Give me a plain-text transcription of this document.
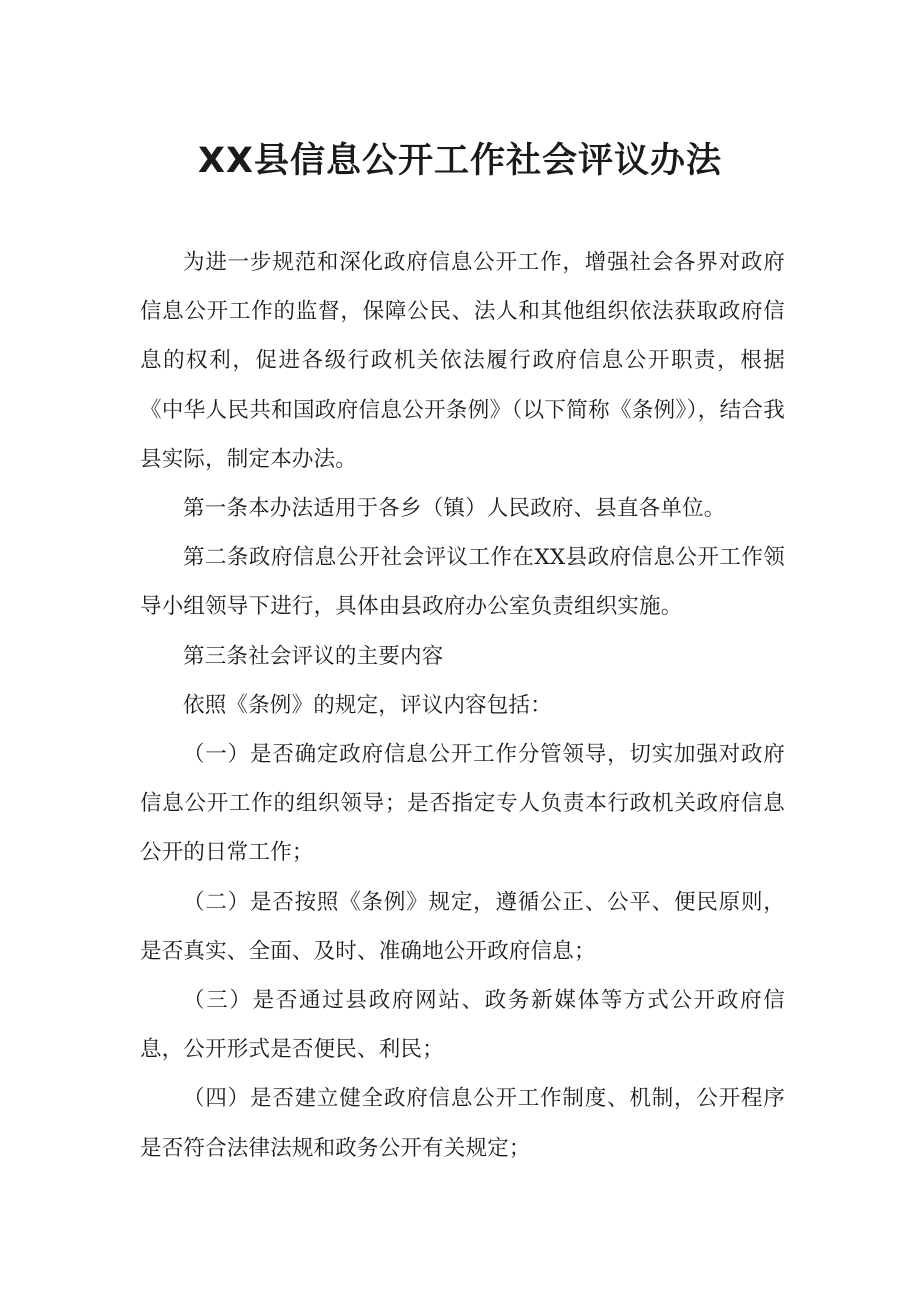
XX县信息公开工作社会评议办法

为进一步规范和深化政府信息公开工作，增强社会各界对政府信息公开工作的监督，保障公民、法人和其他组织依法获取政府信息的权利，促进各级行政机关依法履行政府信息公开职责，根据《中华人民共和国政府信息公开条例》（以下简称《条例》），结合我县实际，制定本办法。

第一条本办法适用于各乡（镇）人民政府、县直各单位。

第二条政府信息公开社会评议工作在XX县政府信息公开工作领导小组领导下进行，具体由县政府办公室负责组织实施。

第三条社会评议的主要内容

依照《条例》的规定，评议内容包括：

（一）是否确定政府信息公开工作分管领导，切实加强对政府信息公开工作的组织领导；是否指定专人负责本行政机关政府信息公开的日常工作；

（二）是否按照《条例》规定，遵循公正、公平、便民原则，是否真实、全面、及时、准确地公开政府信息；

（三）是否通过县政府网站、政务新媒体等方式公开政府信息，公开形式是否便民、利民；

（四）是否建立健全政府信息公开工作制度、机制，公开程序是否符合法律法规和政务公开有关规定；
